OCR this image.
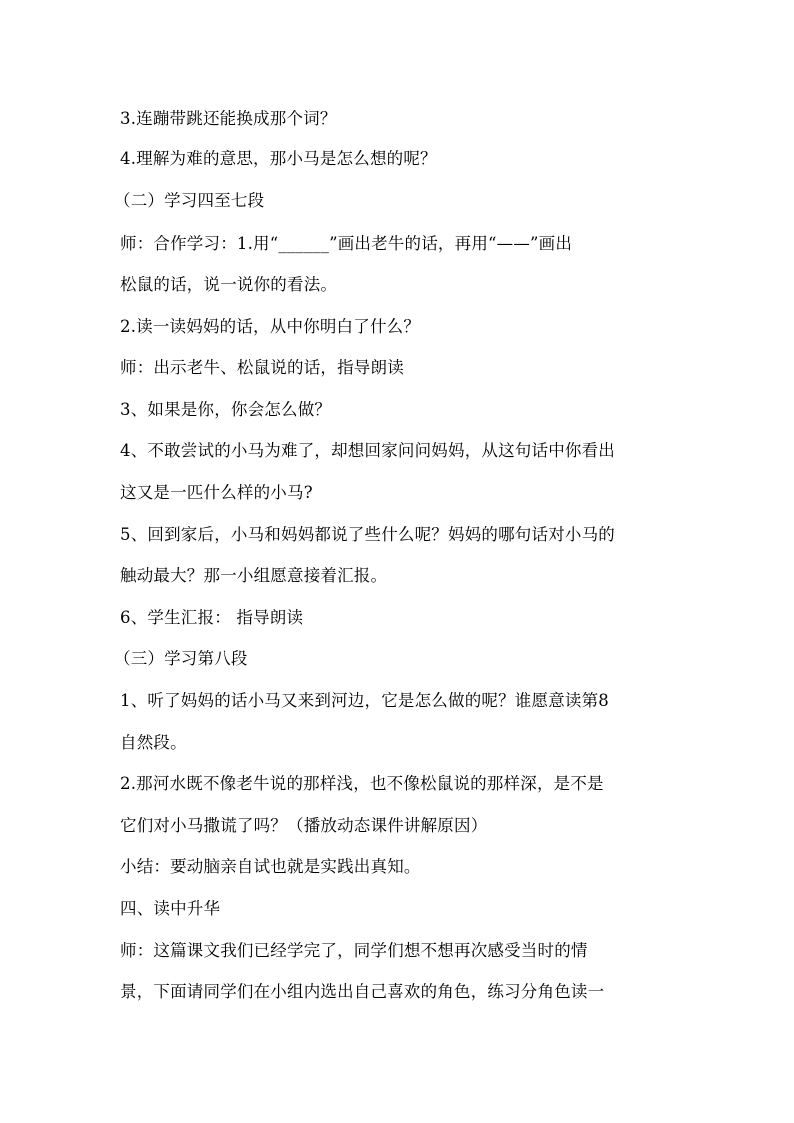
3.连蹦带跳还能换成那个词？
4.理解为难的意思，那小马是怎么想的呢？
（二）学习四至七段
师：合作学习：1.用“______”画出老牛的话，再用“——”画出
松鼠的话，说一说你的看法。
2.读一读妈妈的话，从中你明白了什么？
师：出示老牛、松鼠说的话，指导朗读
3、如果是你，你会怎么做？
4、不敢尝试的小马为难了，却想回家问问妈妈，从这句话中你看出
这又是一匹什么样的小马?
5、回到家后，小马和妈妈都说了些什么呢？妈妈的哪句话对小马的
触动最大？那一小组愿意接着汇报。
6、学生汇报： 指导朗读
（三）学习第八段
1、听了妈妈的话小马又来到河边，它是怎么做的呢？谁愿意读第8
自然段。
2.那河水既不像老牛说的那样浅，也不像松鼠说的那样深，是不是
它们对小马撒谎了吗？（播放动态课件讲解原因）
小结：要动脑亲自试也就是实践出真知。
四、读中升华
师：这篇课文我们已经学完了，同学们想不想再次感受当时的情
景，下面请同学们在小组内选出自己喜欢的角色，练习分角色读一
